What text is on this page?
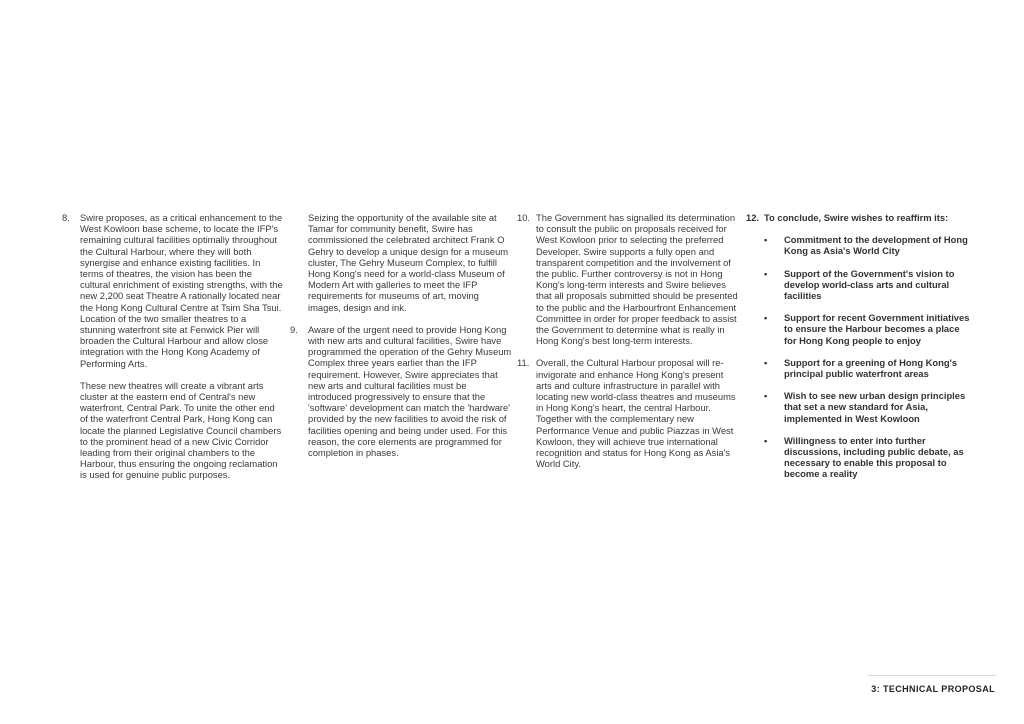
8.	Swire proposes, as a critical enhancement to the West Kowloon base scheme, to locate the IFP's remaining cultural facilities optimally throughout the Cultural Harbour, where they will both synergise and enhance existing facilities. In terms of theatres, the vision has been the cultural enrichment of existing strengths, with the new 2,200 seat Theatre A rationally located near the Hong Kong Cultural Centre at Tsim Sha Tsui. Location of the two smaller theatres to a stunning waterfront site at Fenwick Pier will broaden the Cultural Harbour and allow close integration with the Hong Kong Academy of Performing Arts.
These new theatres will create a vibrant arts cluster at the eastern end of Central's new waterfront, Central Park. To unite the other end of the waterfront Central Park, Hong Kong can locate the planned Legislative Council chambers to the prominent head of a new Civic Corridor leading from their original chambers to the Harbour, thus ensuring the ongoing reclamation is used for genuine public purposes.

Seizing the opportunity of the available site at Tamar for community benefit, Swire has commissioned the celebrated architect Frank O Gehry to develop a unique design for a museum cluster, The Gehry Museum Complex, to fulfill Hong Kong's need for a world-class Museum of Modern Art with galleries to meet the IFP requirements for museums of art, moving images, design and ink.

9.	Aware of the urgent need to provide Hong Kong with new arts and cultural facilities, Swire have programmed the operation of the Gehry Museum Complex three years earlier than the IFP requirement. However, Swire appreciates that new arts and cultural facilities must be introduced progressively to ensure that the 'software' development can match the 'hardware' provided by the new facilities to avoid the risk of facilities opening and being under used. For this reason, the core elements are programmed for completion in phases.
10. The Government has signalled its determination to consult the public on proposals received for West Kowloon prior to selecting the preferred Developer. Swire supports a fully open and transparent competition and the involvement of the public. Further controversy is not in Hong Kong's long-term interests and Swire believes that all proposals submitted should be presented to the public and the Harbourfront Enhancement Committee in order for proper feedback to assist the Government to determine what is really in Hong Kong's best long-term interests.
11. Overall, the Cultural Harbour proposal will re-invigorate and enhance Hong Kong's present arts and culture infrastructure in parallel with locating new world-class theatres and museums in Hong Kong's heart, the central Harbour. Together with the complementary new Performance Venue and public Piazzas in West Kowloon, they will achieve true international recognition and status for Hong Kong as Asia's World City.
12. To conclude, Swire wishes to reaffirm its:
• Commitment to the development of Hong Kong as Asia's World City
• Support of the Government's vision to develop world-class arts and cultural facilities
• Support for recent Government initiatives to ensure the Harbour becomes a place for Hong Kong people to enjoy
• Support for a greening of Hong Kong's principal public waterfront areas
• Wish to see new urban design principles that set a new standard for Asia, implemented in West Kowloon
• Willingness to enter into further discussions, including public debate, as necessary to enable this proposal to become a reality
3: TECHNICAL PROPOSAL
